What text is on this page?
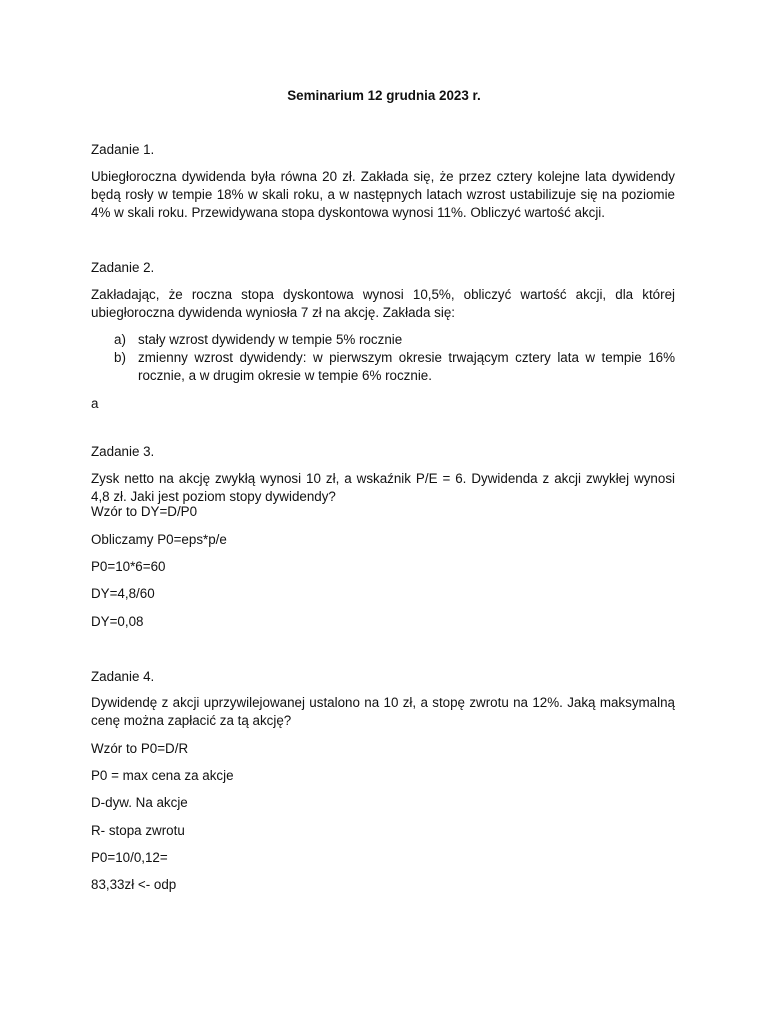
Seminarium 12 grudnia 2023 r.

Zadanie 1.

Ubiegłoroczna dywidenda była równa 20 zł. Zakłada się, że przez cztery kolejne lata dywidendy będą rosły w tempie 18% w skali roku, a w następnych latach wzrost ustabilizuje się na poziomie 4% w skali roku. Przewidywana stopa dyskontowa wynosi 11%. Obliczyć wartość akcji.

Zadanie 2.

Zakładając, że roczna stopa dyskontowa wynosi 10,5%, obliczyć wartość akcji, dla której ubiegłoroczna dywidenda wyniosła 7 zł na akcję. Zakłada się:

a) stały wzrost dywidendy w tempie 5% rocznie
b) zmienny wzrost dywidendy: w pierwszym okresie trwającym cztery lata w tempie 16% rocznie, a w drugim okresie w tempie 6% rocznie.

a

Zadanie 3.

Zysk netto na akcję zwykłą wynosi 10 zł, a wskaźnik P/E = 6. Dywidenda z akcji zwykłej wynosi 4,8 zł. Jaki jest poziom stopy dywidendy?

Wzór to DY=D/P0

Obliczamy P0=eps*p/e

P0=10*6=60

DY=4,8/60

DY=0,08

Zadanie 4.

Dywidendę z akcji uprzywilejowanej ustalono na 10 zł, a stopę zwrotu na 12%. Jaką maksymalną cenę można zapłacić za tą akcję?

Wzór to P0=D/R

P0 = max cena za akcje

D-dyw. Na akcje

R- stopa zwrotu

P0=10/0,12=

83,33zł <- odp
